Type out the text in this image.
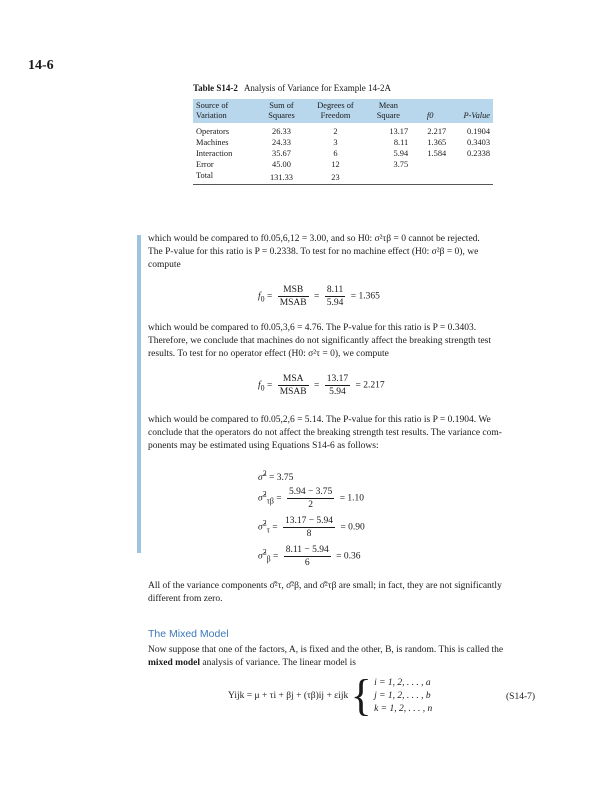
14-6
Table S14-2 Analysis of Variance for Example 14-2A
Source of Variation	Sum of Squares	Degrees of Freedom	Mean Square	f0	P-Value
Operators	26.33	2	13.17	2.217	0.1904
Machines	24.33	3	8.11	1.365	0.3403
Interaction	35.67	6	5.94	1.584	0.2338
Error	45.00	12	3.75		
Total	131.33	23			
which would be compared to f0.05,6,12 = 3.00, and so H0: σ²τβ = 0 cannot be rejected.
The P-value for this ratio is P = 0.2338. To test for no machine effect (H0: σ²β = 0), we
compute
$f_0 = \frac{\text{MSB}}{\text{MSAB}} = \frac{8.11}{5.94} = 1.365$
which would be compared to f0.05,3,6 = 4.76. The P-value for this ratio is P = 0.3403.
Therefore, we conclude that machines do not significantly affect the breaking strength test
results. To test for no operator effect (H0: σ²τ = 0), we compute
$f_0 = \frac{\text{MSA}}{\text{MSAB}} = \frac{13.17}{5.94} = 2.217$
which would be compared to f0.05,2,6 = 5.14. The P-value for this ratio is P = 0.1904. We
conclude that the operators do not affect the breaking strength test results. The variance com-
ponents may be estimated using Equations S14-6 as follows:
σ̂$^2$ = 3.75
σ̂$^2_{\tau\beta}$ = $\frac{5.94 - 3.75}{2} = 1.10$
σ̂$^2_\tau$ = $\frac{13.17 - 5.94}{8} = 0.90$
σ̂$^2_\beta$ = $\frac{8.11 - 5.94}{6} = 0.36$
All of the variance components σ̂²τ, σ̂²β, and σ̂²τβ are small; in fact, they are not significantly
different from zero.
The Mixed Model
Now suppose that one of the factors, A, is fixed and the other, B, is random. This is called the
mixed model analysis of variance. The linear model is
Yijk = μ + τi + βj + (τβ)ij + εijk { i = 1, 2, . . . , a
j = 1, 2, . . . , b
k = 1, 2, . . . , n
(S14-7)
